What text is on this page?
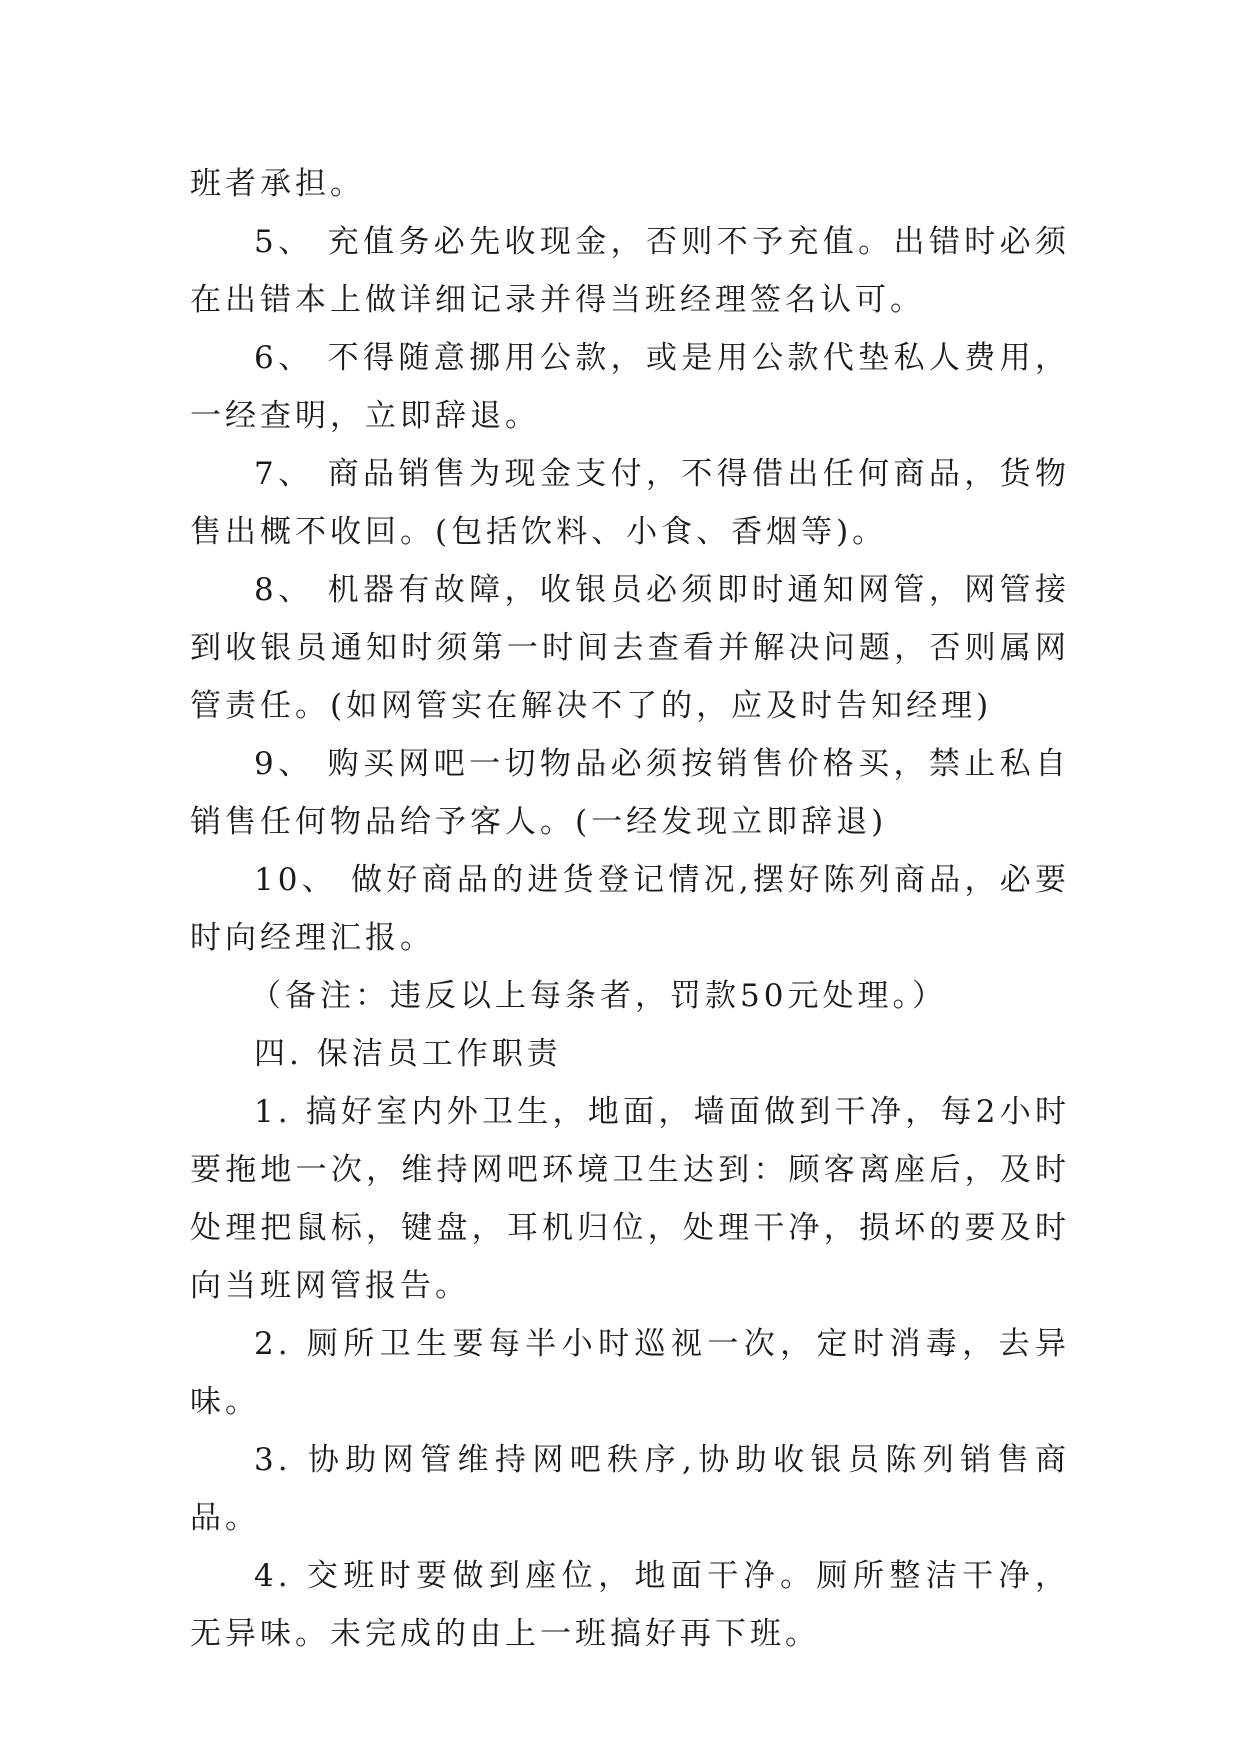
班者承担。

5、 充值务必先收现金，否则不予充值。出错时必须在出错本上做详细记录并得当班经理签名认可。

6、 不得随意挪用公款，或是用公款代垫私人费用，一经查明，立即辞退。

7、 商品销售为现金支付，不得借出任何商品，货物售出概不收回。(包括饮料、小食、香烟等)。

8、 机器有故障，收银员必须即时通知网管，网管接到收银员通知时须第一时间去查看并解决问题，否则属网管责任。(如网管实在解决不了的，应及时告知经理)

9、 购买网吧一切物品必须按销售价格买，禁止私自销售任何物品给予客人。(一经发现立即辞退)

10、 做好商品的进货登记情况,摆好陈列商品，必要时向经理汇报。

（备注：违反以上每条者，罚款50元处理。）

四. 保洁员工作职责

1. 搞好室内外卫生，地面，墙面做到干净，每2小时要拖地一次，维持网吧环境卫生达到：顾客离座后，及时处理把鼠标，键盘，耳机归位，处理干净，损坏的要及时向当班网管报告。

2. 厕所卫生要每半小时巡视一次，定时消毒，去异味。

3. 协助网管维持网吧秩序,协助收银员陈列销售商品。

4. 交班时要做到座位，地面干净。厕所整洁干净，无异味。未完成的由上一班搞好再下班。
